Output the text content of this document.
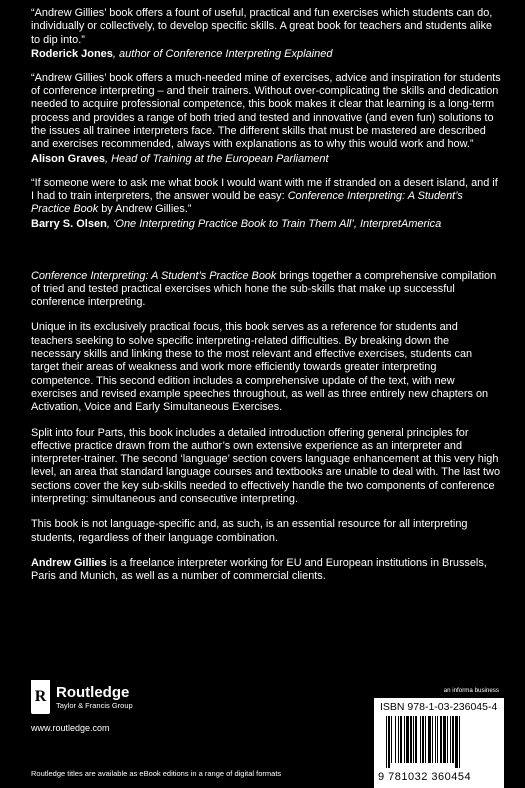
“Andrew Gillies’ book offers a fount of useful, practical and fun exercises which students can do, individually or collectively, to develop specific skills. A great book for teachers and students alike to dip into.”

Roderick Jones, author of Conference Interpreting Explained

“Andrew Gillies’ book offers a much-needed mine of exercises, advice and inspiration for students of conference interpreting – and their trainers. Without over-complicating the skills and dedication needed to acquire professional competence, this book makes it clear that learning is a long-term process and provides a range of both tried and tested and innovative (and even fun) solutions to the issues all trainee interpreters face. The different skills that must be mastered are described and exercises recommended, always with explanations as to why this would work and how.”

Alison Graves, Head of Training at the European Parliament

“If someone were to ask me what book I would want with me if stranded on a desert island, and if I had to train interpreters, the answer would be easy: Conference Interpreting: A Student’s Practice Book by Andrew Gillies.”

Barry S. Olsen, ‘One Interpreting Practice Book to Train Them All’, InterpretAmerica

Conference Interpreting: A Student’s Practice Book brings together a comprehensive compilation of tried and tested practical exercises which hone the sub-skills that make up successful conference interpreting.

Unique in its exclusively practical focus, this book serves as a reference for students and teachers seeking to solve specific interpreting-related difficulties. By breaking down the necessary skills and linking these to the most relevant and effective exercises, students can target their areas of weakness and work more efficiently towards greater interpreting competence. This second edition includes a comprehensive update of the text, with new exercises and revised example speeches throughout, as well as three entirely new chapters on Activation, Voice and Early Simultaneous Exercises.

Split into four Parts, this book includes a detailed introduction offering general principles for effective practice drawn from the author’s own extensive experience as an interpreter and interpreter-trainer. The second ‘language’ section covers language enhancement at this very high level, an area that standard language courses and textbooks are unable to deal with. The last two sections cover the key sub-skills needed to effectively handle the two components of conference interpreting: simultaneous and consecutive interpreting.

This book is not language-specific and, as such, is an essential resource for all interpreting students, regardless of their language combination.

Andrew Gillies is a freelance interpreter working for EU and European institutions in Brussels, Paris and Munich, as well as a number of commercial clients.

R Routledge
Taylor & Francis Group
www.routledge.com
Routledge titles are available as eBook editions in a range of digital formats
an informa business
ISBN 978-1-03-236045-4
9 781032 360454
